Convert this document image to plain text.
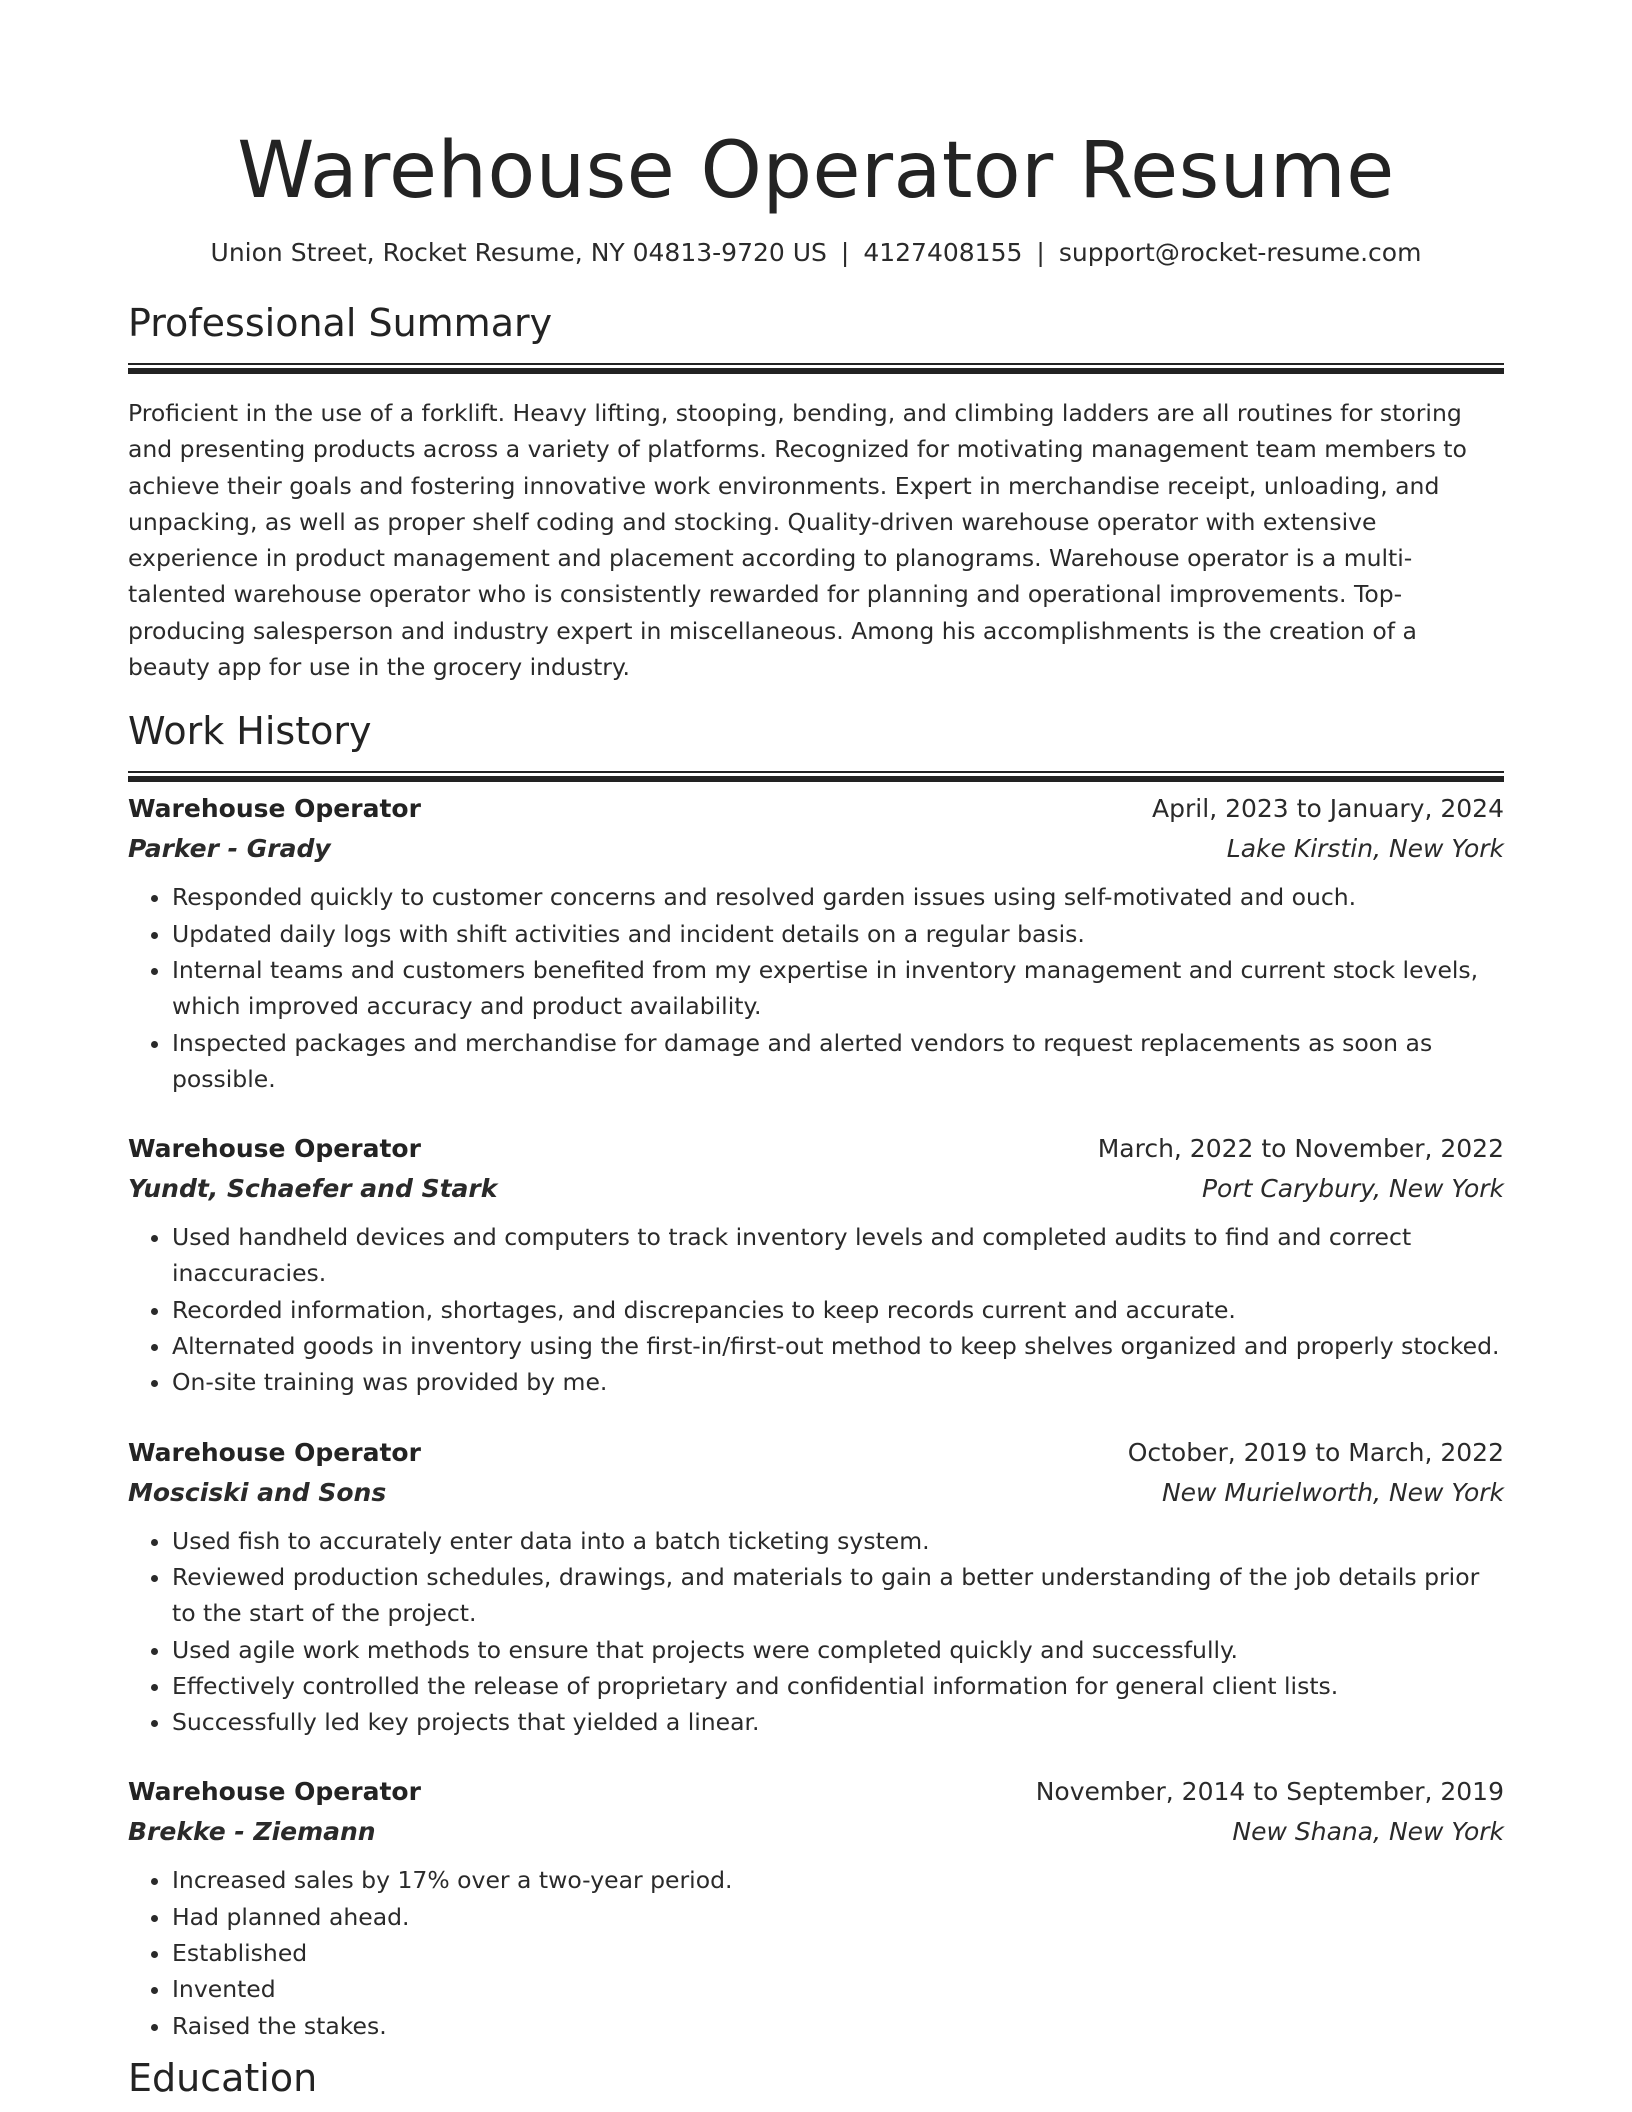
Warehouse Operator Resume
Union Street, Rocket Resume, NY 04813-9720 US | 4127408155 | support@rocket-resume.com
Professional Summary

Proficient in the use of a forklift. Heavy lifting, stooping, bending, and climbing ladders are all routines for storing and presenting products across a variety of platforms. Recognized for motivating management team members to achieve their goals and fostering innovative work environments. Expert in merchandise receipt, unloading, and unpacking, as well as proper shelf coding and stocking. Quality-driven warehouse operator with extensive experience in product management and placement according to planograms. Warehouse operator is a multi-talented warehouse operator who is consistently rewarded for planning and operational improvements. Top-producing salesperson and industry expert in miscellaneous. Among his accomplishments is the creation of a beauty app for use in the grocery industry.

Work History
Warehouse Operator	April, 2023 to January, 2024
Parker - Grady	Lake Kirstin, New York
• Responded quickly to customer concerns and resolved garden issues using self-motivated and ouch.
• Updated daily logs with shift activities and incident details on a regular basis.
• Internal teams and customers benefited from my expertise in inventory management and current stock levels, which improved accuracy and product availability.
• Inspected packages and merchandise for damage and alerted vendors to request replacements as soon as possible.
Warehouse Operator	March, 2022 to November, 2022
Yundt, Schaefer and Stark	Port Carybury, New York
• Used handheld devices and computers to track inventory levels and completed audits to find and correct inaccuracies.
• Recorded information, shortages, and discrepancies to keep records current and accurate.
• Alternated goods in inventory using the first-in/first-out method to keep shelves organized and properly stocked.
• On-site training was provided by me.
Warehouse Operator	October, 2019 to March, 2022
Mosciski and Sons	New Murielworth, New York
• Used fish to accurately enter data into a batch ticketing system.
• Reviewed production schedules, drawings, and materials to gain a better understanding of the job details prior to the start of the project.
• Used agile work methods to ensure that projects were completed quickly and successfully.
• Effectively controlled the release of proprietary and confidential information for general client lists.
• Successfully led key projects that yielded a linear.
Warehouse Operator	November, 2014 to September, 2019
Brekke - Ziemann	New Shana, New York
• Increased sales by 17% over a two-year period.
• Had planned ahead.
• Established
• Invented
• Raised the stakes.
Education
